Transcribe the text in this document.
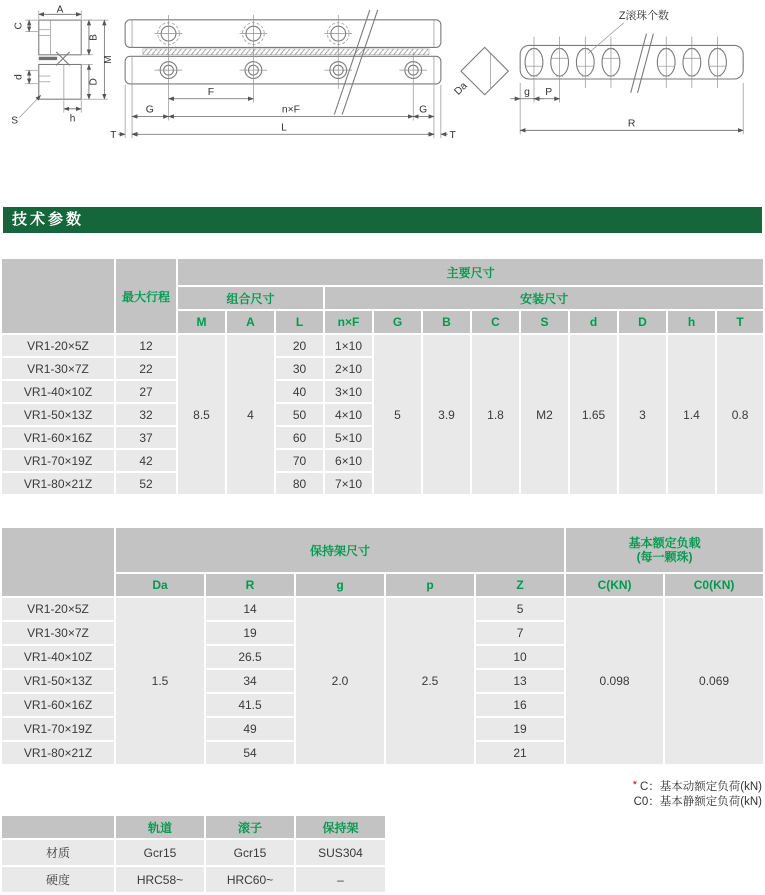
A
C
B
M
d
D
S	h
F
G	n×F	G
L
T	T
Da
Z滚珠个数
g P
R
技术参数
	最大行程	主要尺寸											
		组合尺寸			安装尺寸								
		M	A	L	n×F	G	B	C	S	d	D	h	T
VR1-20×5Z	12	8.5	4	20	1×10	5	3.9	1.8	M2	1.65	3	1.4	0.8
VR1-30×7Z	22			30	2×10								
VR1-40×10Z	27			40	3×10								
VR1-50×13Z	32			50	4×10								
VR1-60×16Z	37			60	5×10								
VR1-70×19Z	42			70	6×10								
VR1-80×21Z	52			80	7×10								
	保持架尺寸					基本额定负载
(每一颗珠)	

	Da	R	g	p	Z	C(KN)	C0(KN)
VR1-20×5Z	1.5	14	2.0	2.5	5	0.098	0.069
VR1-30×7Z		19			7		
VR1-40×10Z		26.5			10		
VR1-50×13Z		34			13		
VR1-60×16Z		41.5			16		
VR1-70×19Z		49			19		
VR1-80×21Z		54			21		
* C：基本动额定负荷(kN)
C0：基本静额定负荷(kN)
	轨道	滚子	保持架
材质	Gcr15	Gcr15	SUS304
硬度	HRC58~	HRC60~	–
